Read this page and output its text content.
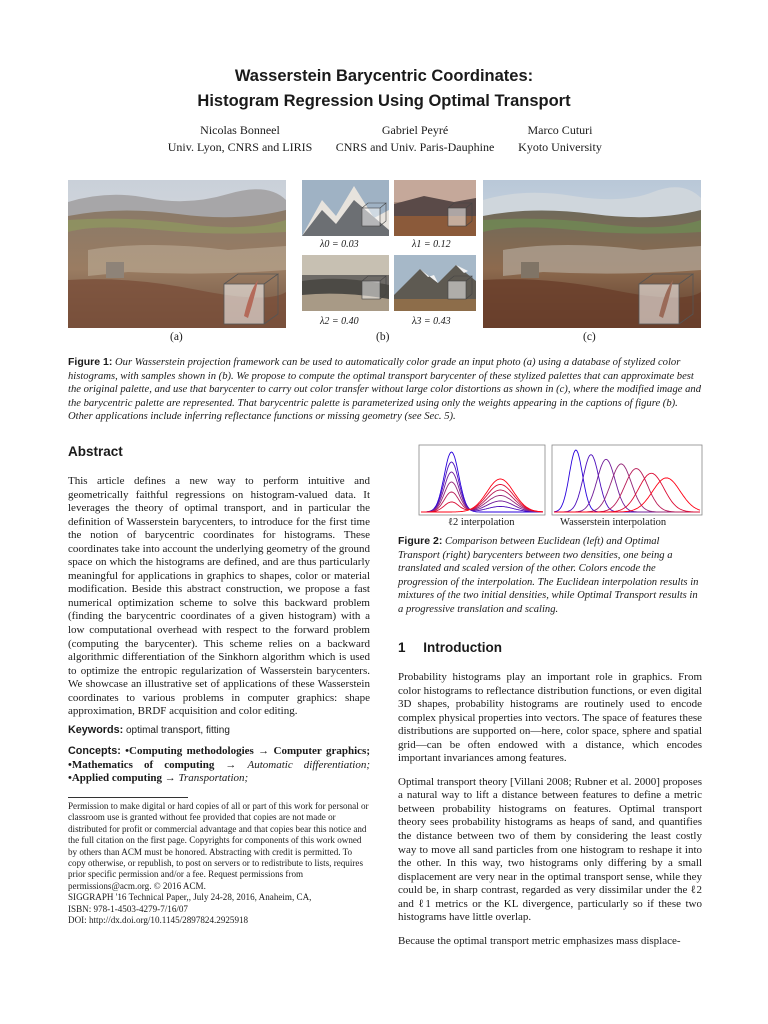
Wasserstein Barycentric Coordinates:
Histogram Regression Using Optimal Transport
Nicolas Bonneel
Univ. Lyon, CNRS and LIRIS
Gabriel Peyré
CNRS and Univ. Paris-Dauphine
Marco Cuturi
Kyoto University
λ0 = 0.03	λ1 = 0.12
λ2 = 0.40	λ3 = 0.43
(a)	(b)	(c)
Figure 1: Our Wasserstein projection framework can be used to automatically color grade an input photo (a) using a database of stylized color histograms, with samples shown in (b). We propose to compute the optimal transport barycenter of these stylized palettes that can approximate best the original palette, and use that barycenter to carry out color transfer without large color distortions as shown in (c), where the modified image and the barycentric palette are represented. That barycentric palette is parameterized using only the weights appearing in the captions of figure (b). Other applications include inferring reflectance functions or missing geometry (see Sec. 5).
Abstract

This article defines a new way to perform intuitive and geometrically faithful regressions on histogram-valued data. It leverages the theory of optimal transport, and in particular the definition of Wasserstein barycenters, to introduce for the first time the notion of barycentric coordinates for histograms. These coordinates take into account the underlying geometry of the ground space on which the histograms are defined, and are thus particularly meaningful for applications in graphics to shapes, color or material modification. Beside this abstract construction, we propose a fast numerical optimization scheme to solve this backward problem (finding the barycentric coordinates of a given histogram) with a low computational overhead with respect to the forward problem (computing the barycenter). This scheme relies on a backward algorithmic differentiation of the Sinkhorn algorithm which is used to optimize the entropic regularization of Wasserstein barycenters. We showcase an illustrative set of applications of these Wasserstein coordinates to various problems in computer graphics: shape approximation, BRDF acquisition and color editing.

Keywords: optimal transport, fitting
Concepts: •Computing methodologies → Computer graphics; •Mathematics of computing → Automatic differentiation; •Applied computing → Transportation;
Permission to make digital or hard copies of all or part of this work for personal or classroom use is granted without fee provided that copies are not made or distributed for profit or commercial advantage and that copies bear this notice and the full citation on the first page. Copyrights for components of this work owned by others than ACM must be honored. Abstracting with credit is permitted. To copy otherwise, or republish, to post on servers or to redistribute to lists, requires prior specific permission and/or a fee. Request permissions from permissions@acm.org. © 2016 ACM.
SIGGRAPH '16 Technical Paper,, July 24-28, 2016, Anaheim, CA,
ISBN: 978-1-4503-4279-7/16/07
DOI: http://dx.doi.org/10.1145/2897824.2925918
ℓ2 interpolation	Wasserstein interpolation
Figure 2: Comparison between Euclidean (left) and Optimal Transport (right) barycenters between two densities, one being a translated and scaled version of the other. Colors encode the progression of the interpolation. The Euclidean interpolation results in mixtures of the two initial densities, while Optimal Transport results in a progressive translation and scaling.
1 Introduction

Probability histograms play an important role in graphics. From color histograms to reflectance distribution functions, or even digital 3D shapes, probability histograms are routinely used to encode complex physical properties into vectors. The space of features these distributions are supported on—here, color space, sphere and spatial grid—can be often endowed with a distance, which encodes important invariances among features.

Optimal transport theory [Villani 2008; Rubner et al. 2000] proposes a natural way to lift a distance between features to define a metric between probability histograms on features. Optimal transport theory sees probability histograms as heaps of sand, and quantifies the distance between two of them by considering the least costly way to move all sand particles from one histogram to reshape it into the other. In this way, two histograms only differing by a small displacement are very near in the optimal transport sense, while they could be, in sharp contrast, regarded as very dissimilar under the ℓ2 and ℓ1 metrics or the KL divergence, particularly so if these two histograms have little overlap.

Because the optimal transport metric emphasizes mass displace-
